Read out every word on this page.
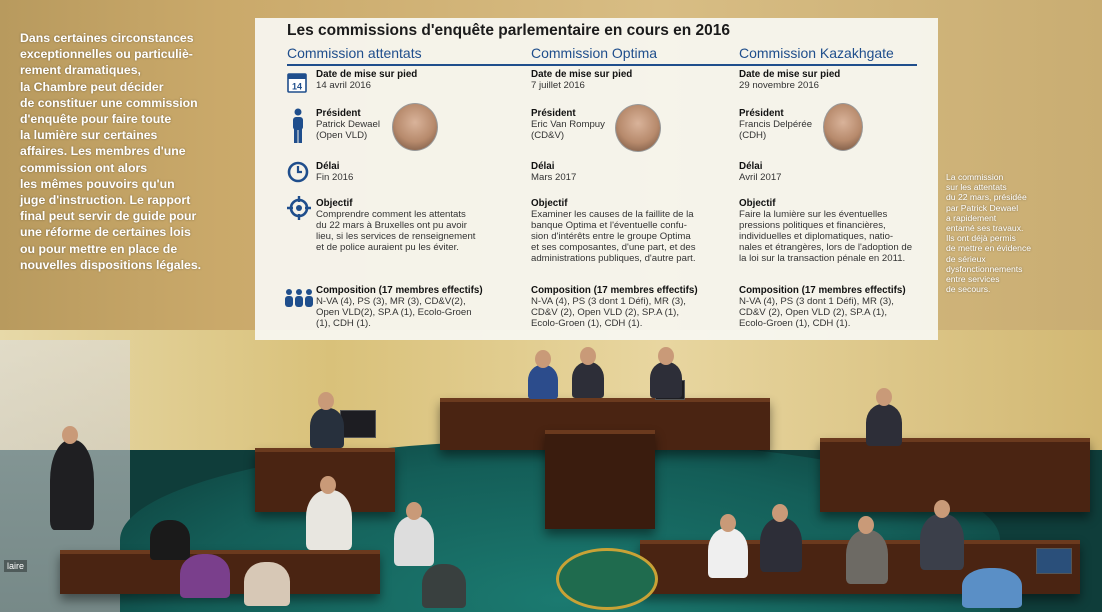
laire

Dans certaines circonstances

exceptionnelles ou particuliè-

rement dramatiques,

la Chambre peut décider

de constituer une commission

d'enquête pour faire toute

la lumière sur certaines

affaires. Les membres d'une

commission ont alors

les mêmes pouvoirs qu'un

juge d'instruction. Le rapport

final peut servir de guide pour

une réforme de certaines lois

ou pour mettre en place de

nouvelles dispositions légales.

Les commissions d'enquête parlementaire en cours en 2016
Commission attentats	Commission Optima	Commission Kazakhgate
14
Date de mise sur pied
14 avril 2016
Président
Patrick Dewael
(Open VLD)
Délai
Fin 2016
Objectif
Comprendre comment les attentats
du 22 mars à Bruxelles ont pu avoir
lieu, si les services de renseignement
et de police auraient pu les éviter.
Composition (17 membres effectifs)
N-VA (4), PS (3), MR (3), CD&V(2),
Open VLD(2), SP.A (1), Ecolo-Groen
(1), CDH (1).
Date de mise sur pied
7 juillet 2016
Président
Eric Van Rompuy
(CD&V)
Délai
Mars 2017
Objectif
Examiner les causes de la faillite de la
banque Optima et l'éventuelle confu-
sion d'intérêts entre le groupe Optima
et ses composantes, d'une part, et des
administrations publiques, d'autre part.
Composition (17 membres effectifs)
N-VA (4), PS (3 dont 1 Défi), MR (3),
CD&V (2), Open VLD (2), SP.A (1),
Ecolo-Groen (1), CDH (1).
Date de mise sur pied
29 novembre 2016
Président
Francis Delpérée
(CDH)
Délai
Avril 2017
Objectif
Faire la lumière sur les éventuelles
pressions politiques et financières,
individuelles et diplomatiques, natio-
nales et étrangères, lors de l'adoption de
la loi sur la transaction pénale en 2011.
Composition (17 membres effectifs)
N-VA (4), PS (3 dont 1 Défi), MR (3),
CD&V (2), Open VLD (2), SP.A (1),
Ecolo-Groen (1), CDH (1).
La commission
sur les attentats
du 22 mars, présidée
par Patrick Dewael
a rapidement
entamé ses travaux.
Ils ont déjà permis
de mettre en évidence
de sérieux
dysfonctionnements
entre services
de secours.
